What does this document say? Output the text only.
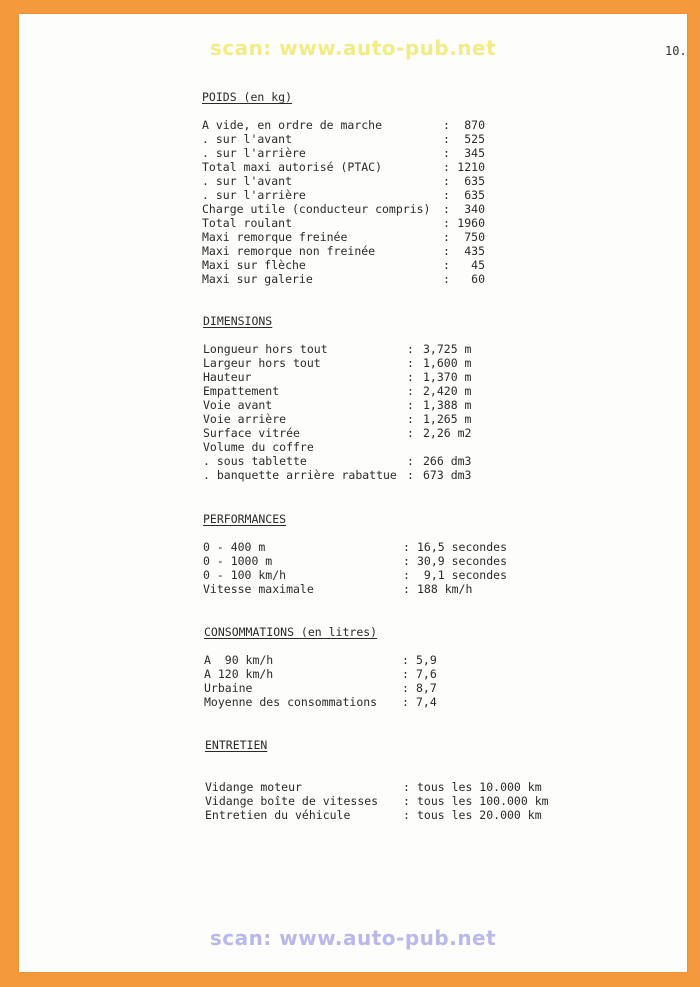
scan: www.auto-pub.net	10.
POIDS (en kg)
A vide, en ordre de marche	:	870
. sur l'avant	:	525
. sur l'arrière	:	345
Total maxi autorisé (PTAC)	: 1210
. sur l'avant	:	635
. sur l'arrière	:	635
Charge utile (conducteur compris) :	340
Total roulant	: 1960
Maxi remorque freinée	:	750
Maxi remorque non freinée	:	435
Maxi sur flèche	:	45
Maxi sur galerie	:	60
DIMENSIONS
Longueur hors tout	: 3,725 m
Largeur hors tout	: 1,600 m
Hauteur	: 1,370 m
Empattement	: 2,420 m
Voie avant	: 1,388 m
Voie arrière	: 1,265 m
Surface vitrée	: 2,26 m2
Volume du coffre
. sous tablette	: 266 dm3
. banquette arrière rabattue : 673 dm3
PERFORMANCES
0 - 400 m	: 16,5 secondes
0 - 1000 m	: 30,9 secondes
0 - 100 km/h	: 9,1 secondes
Vitesse maximale	: 188 km/h
CONSOMMATIONS (en litres)
A  90 km/h	: 5,9
A 120 km/h	: 7,6
Urbaine	: 8,7
Moyenne des consommations : 7,4
ENTRETIEN
Vidange moteur	: tous les 10.000 km
Vidange boîte de vitesses : tous les 100.000 km
Entretien du véhicule	: tous les 20.000 km
scan: www.auto-pub.net
